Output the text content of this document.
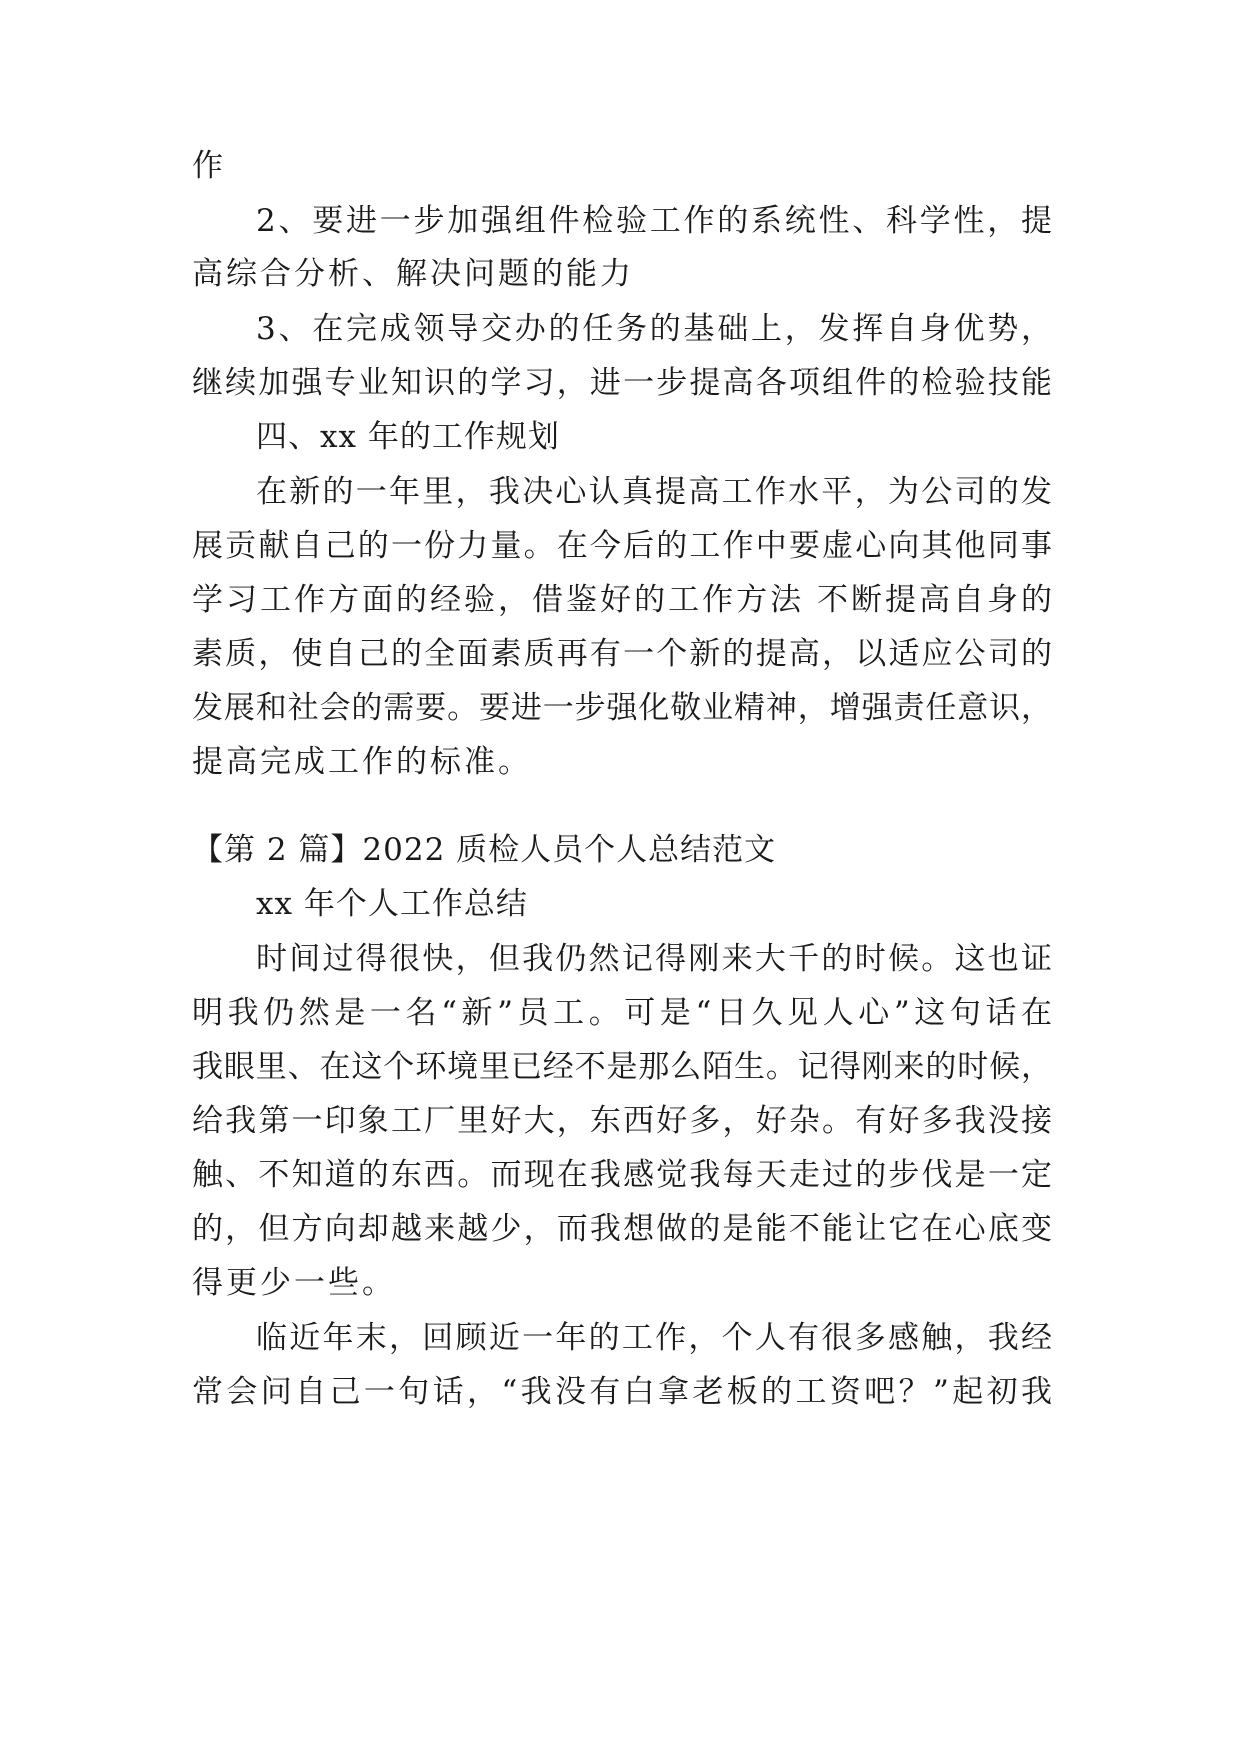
作
2、要进一步加强组件检验工作的系统性、科学性，提
高综合分析、解决问题的能力
3、在完成领导交办的任务的基础上，发挥自身优势，
继续加强专业知识的学习，进一步提高各项组件的检验技能
四、xx 年的工作规划
在新的一年里，我决心认真提高工作水平，为公司的发
展贡献自己的一份力量。在今后的工作中要虚心向其他同事
学习工作方面的经验，借鉴好的工作方法 不断提高自身的
素质，使自己的全面素质再有一个新的提高，以适应公司的
发展和社会的需要。要进一步强化敬业精神，增强责任意识，
提高完成工作的标准。
【第 2 篇】2022 质检人员个人总结范文
xx 年个人工作总结
时间过得很快，但我仍然记得刚来大千的时候。这也证
明我仍然是一名“新”员工。可是“日久见人心”这句话在
我眼里、在这个环境里已经不是那么陌生。记得刚来的时候，
给我第一印象工厂里好大，东西好多，好杂。有好多我没接
触、不知道的东西。而现在我感觉我每天走过的步伐是一定
的，但方向却越来越少，而我想做的是能不能让它在心底变
得更少一些。
临近年末，回顾近一年的工作，个人有很多感触，我经
常会问自己一句话，“我没有白拿老板的工资吧？”起初我
